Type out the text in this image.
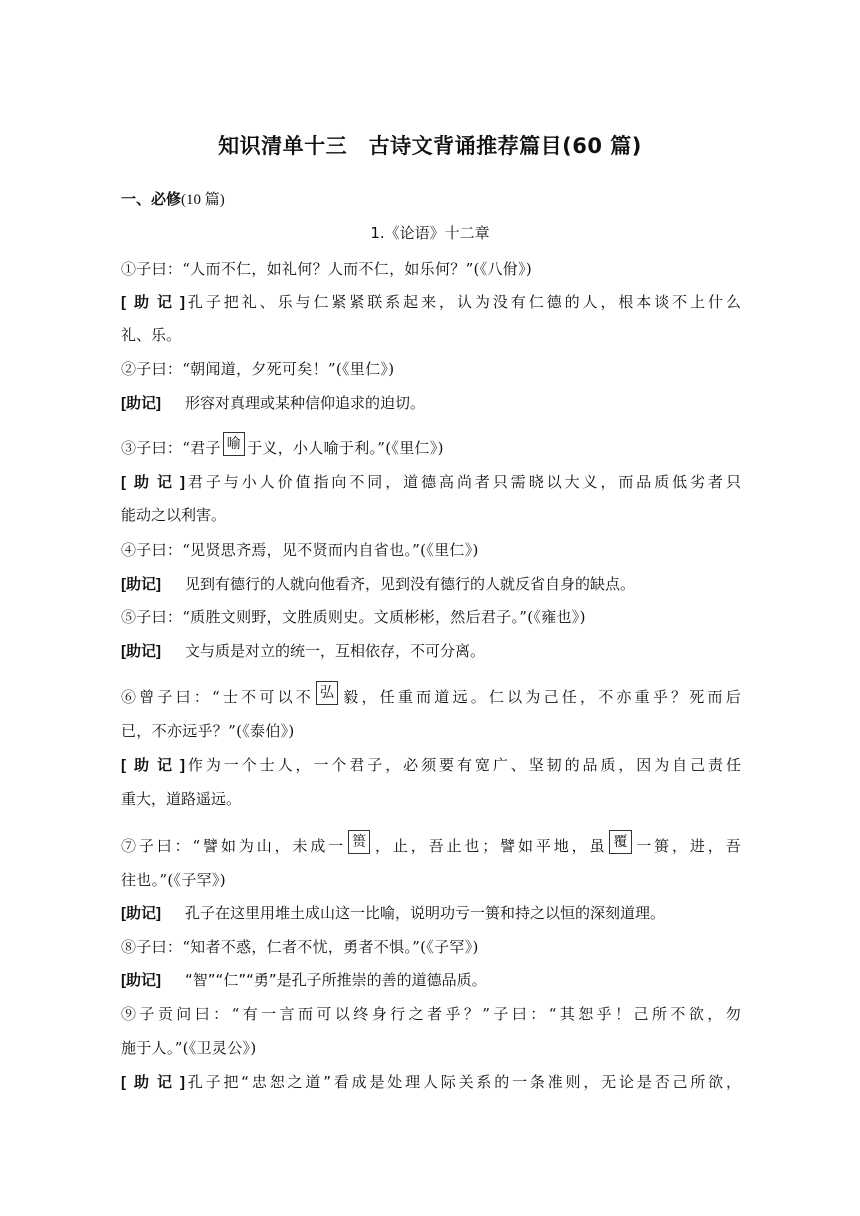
知识清单十三　古诗文背诵推荐篇目(60 篇)
一、必修(10 篇)
1.《论语》十二章
①子曰：“人而不仁，如礼何？人而不仁，如乐何？”(《八佾》)
[助记]孔子把礼、乐与仁紧紧联系起来，认为没有仁德的人，根本谈不上什么
礼、乐。
②子曰：“朝闻道，夕死可矣！”(《里仁》)
[助记] 形容对真理或某种信仰追求的迫切。
③子曰：“君子 喻 于义，小人喻于利。”(《里仁》)
[助记]君子与小人价值指向不同，道德高尚者只需晓以大义，而品质低劣者只
能动之以利害。
④子曰：“见贤思齐焉，见不贤而内自省也。”(《里仁》)
[助记] 见到有德行的人就向他看齐，见到没有德行的人就反省自身的缺点。
⑤子曰：“质胜文则野，文胜质则史。文质彬彬，然后君子。”(《雍也》)
[助记] 文与质是对立的统一，互相依存，不可分离。
⑥曾子曰：“士不可以不 弘 毅，任重而道远。仁以为己任，不亦重乎？死而后
已，不亦远乎？”(《泰伯》)
[助记]作为一个士人，一个君子，必须要有宽广、坚韧的品质，因为自己责任
重大，道路遥远。
⑦子曰：“譬如为山，未成一 篑 ，止，吾止也；譬如平地，虽 覆 一篑，进，吾
往也。”(《子罕》)
[助记] 孔子在这里用堆土成山这一比喻，说明功亏一篑和持之以恒的深刻道理。
⑧子曰：“知者不惑，仁者不忧，勇者不惧。”(《子罕》)
[助记] “智”“仁”“勇”是孔子所推崇的善的道德品质。
⑨子贡问曰：“有一言而可以终身行之者乎？”子曰：“其恕乎！己所不欲，勿
施于人。”(《卫灵公》)
[助记]孔子把“忠恕之道”看成是处理人际关系的一条准则，无论是否己所欲，
